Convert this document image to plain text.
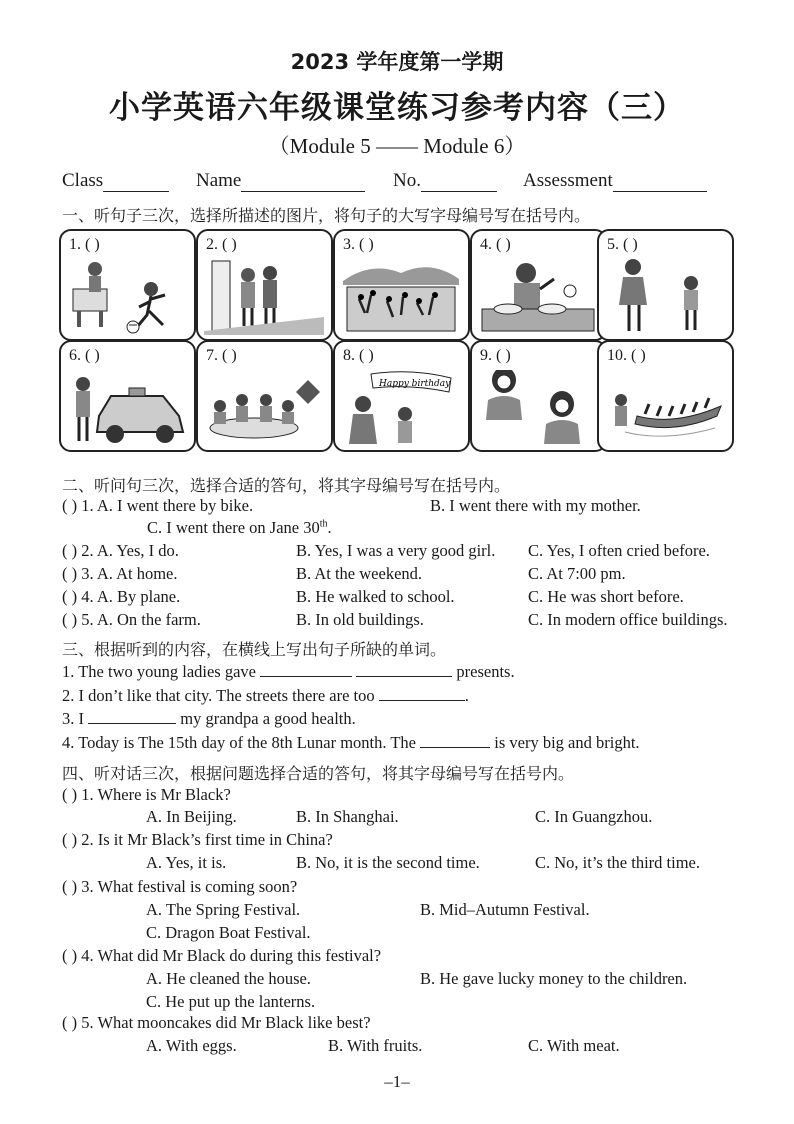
2023 学年度第一学期
小学英语六年级课堂练习参考内容（三）
（Module 5 —— Module 6）
Class	Name	No.	Assessment
一、听句子三次，选择所描述的图片，将句子的大写字母编号写在括号内。
1. ( )	2. ( )	3. ( )	4. ( )	5. ( )
6. ( )	7. ( )	8. ( )
Happy birthday
9. ( )	10. ( )
二、听问句三次，选择合适的答句，将其字母编号写在括号内。
( ) 1. A. I went there by bike.	B. I went there with my mother.
C. I went there on Jane 30th.
( ) 2. A. Yes, I do.	B. Yes, I was a very good girl. C. Yes, I often cried before.
( ) 3. A. At home.	B. At the weekend.	C. At 7:00 pm.
( ) 4. A. By plane.	B. He walked to school.	C. He was short before.
( ) 5. A. On the farm.	B. In old buildings.	C. In modern office buildings.
三、根据听到的内容，在横线上写出句子所缺的单词。
1. The two young ladies gave	presents.
2. I don’t like that city. The streets there are too	.
3. I	my grandpa a good health.
4. Today is The 15th day of the 8th Lunar month. The	is very big and bright.
四、听对话三次，根据问题选择合适的答句，将其字母编号写在括号内。
( ) 1. Where is Mr Black?
A. In Beijing.	B. In Shanghai.	C. In Guangzhou.
( ) 2. Is it Mr Black’s first time in China?
A. Yes, it is.	B. No, it is the second time.	C. No, it’s the third time.
( ) 3. What festival is coming soon?
A. The Spring Festival.	B. Mid–Autumn Festival.
C. Dragon Boat Festival.
( ) 4. What did Mr Black do during this festival?
A. He cleaned the house.	B. He gave lucky money to the children.
C. He put up the lanterns.
( ) 5. What mooncakes did Mr Black like best?
A. With eggs.	B. With fruits.	C. With meat.
–1–
